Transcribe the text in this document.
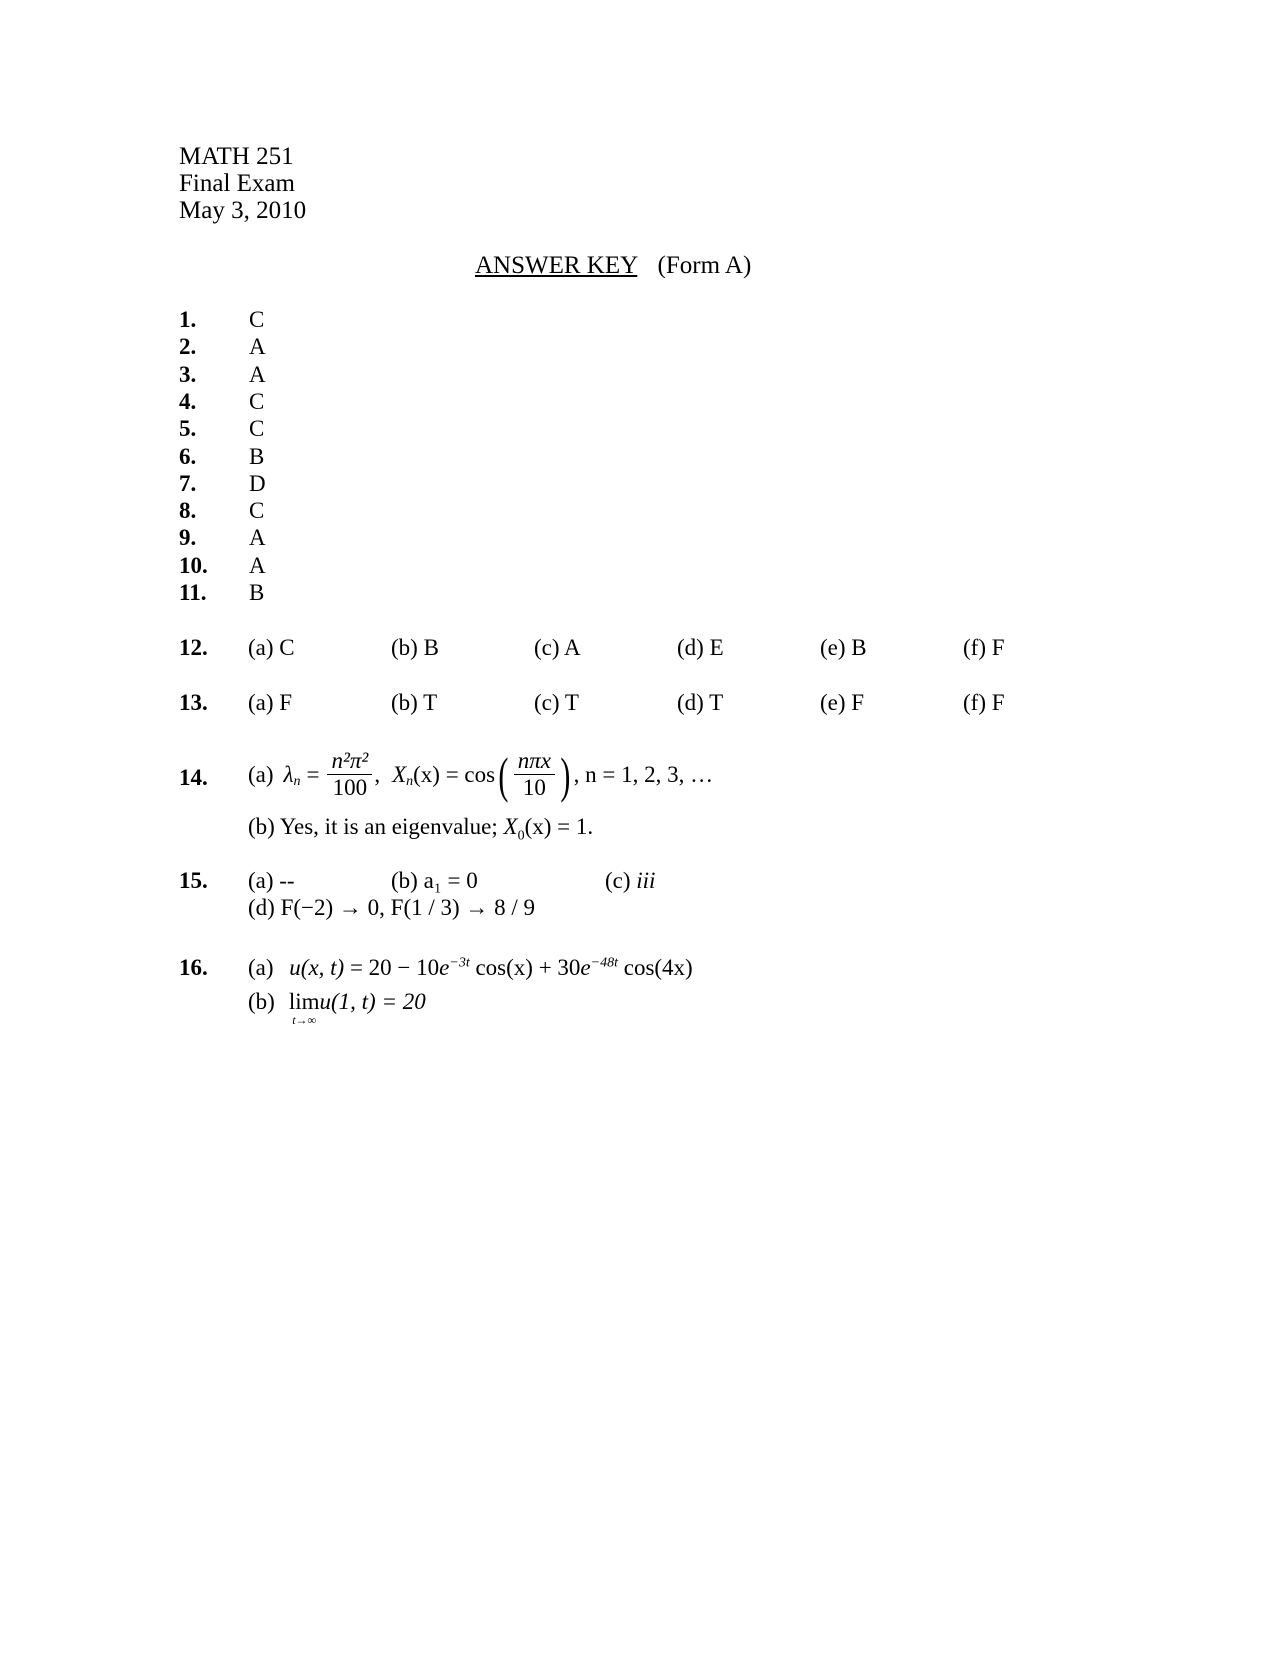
MATH 251
Final Exam
May 3, 2010
ANSWER KEY (Form A)
1. C
2. A
3. A
4. C
5. C
6. B
7. D
8. C
9. A
10. A
11. B
12. (a) C	(b) B	(c) A	(d) E	(e) B	(f) F
13. (a) F	(b) T	(c) T	(d) T	(e) F	(f) F
14. (a) $\lambda_n = \frac{\text{n²π²}}{100}$ , $X_n$ (x) = cos ( $\frac{\text{nπx}}{10}$ ) , n = 1, 2, 3, …
(b) Yes, it is an eigenvalue; $X_0(x) = 1$.
15. (a) --	(b) a₁ = 0	(c) iii
(d) F(−2) → 0, F(1 / 3) → 8 / 9
16. (a) u(x, $t) = 20 - 10e^{-3t}$ $\cos(x) + 30e^{-48t}$ cos(4x)
(b) lim
t→∞
u(1, t) = 20
